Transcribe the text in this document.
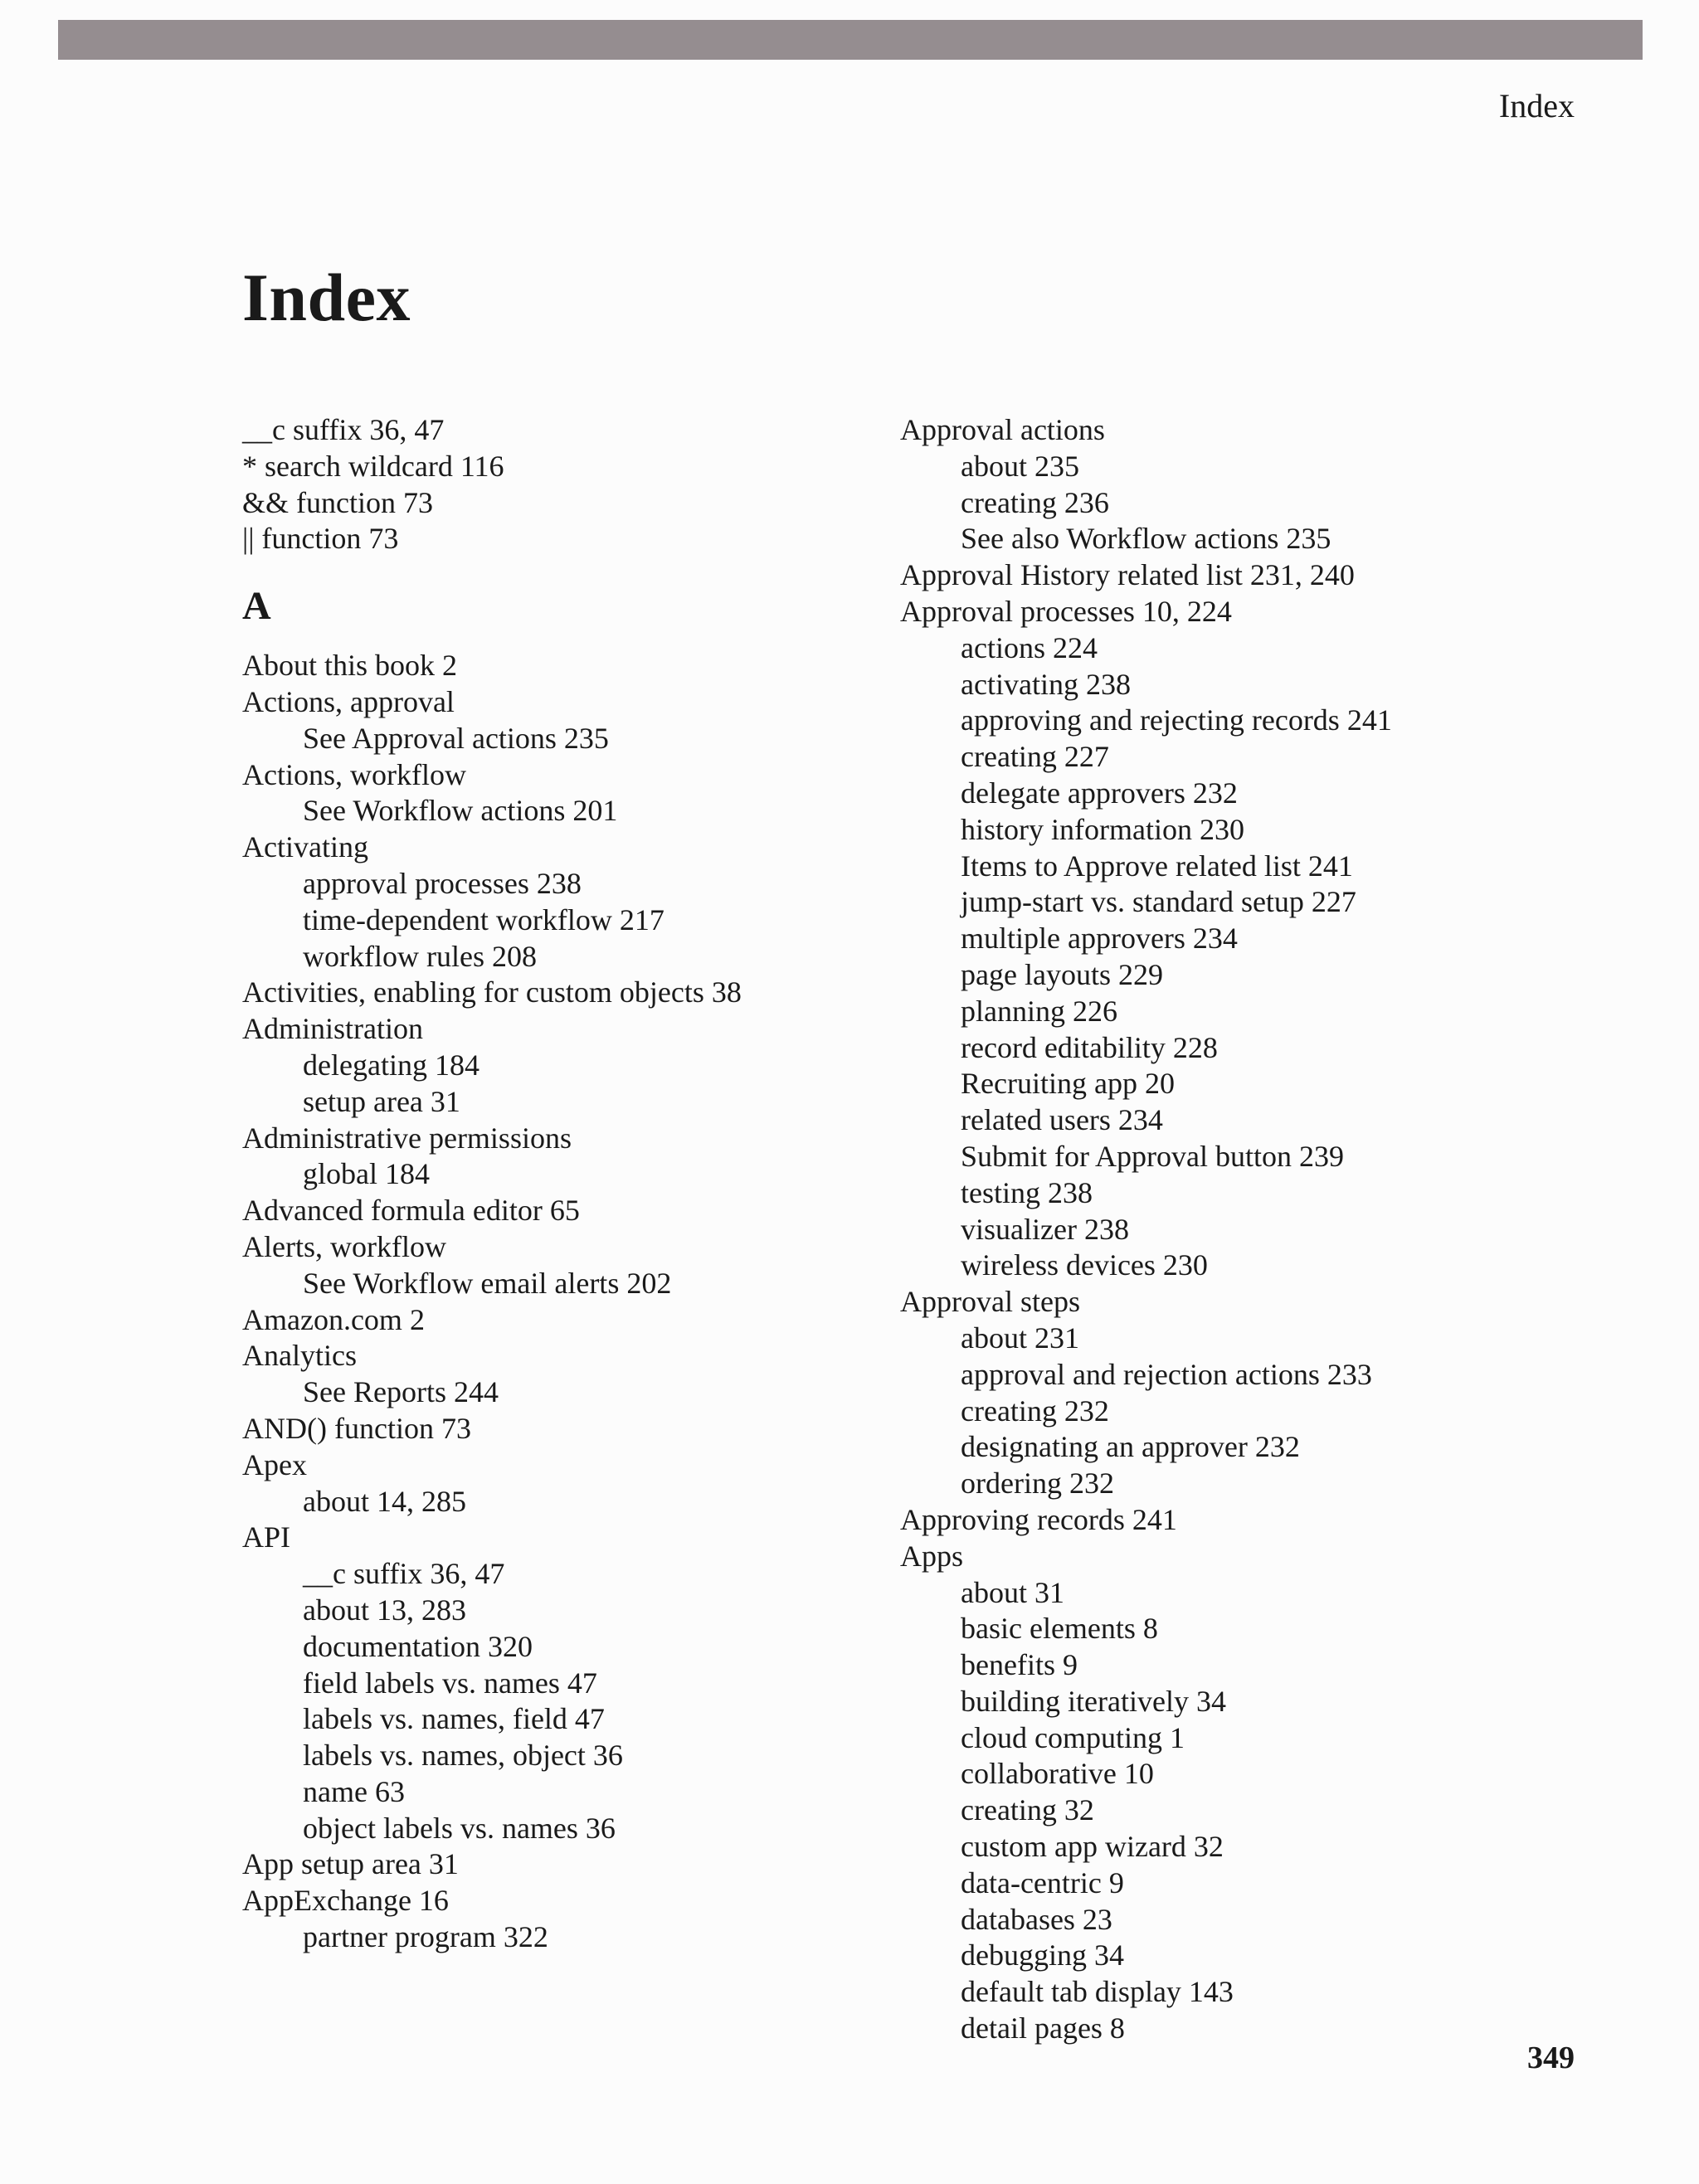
Index
Index
__c suffix 36, 47
* search wildcard 116
&& function 73
|| function 73
A
About this book 2
Actions, approval
See Approval actions 235
Actions, workflow
See Workflow actions 201
Activating
approval processes 238
time-dependent workflow 217
workflow rules 208
Activities, enabling for custom objects 38
Administration
delegating 184
setup area 31
Administrative permissions
global 184
Advanced formula editor 65
Alerts, workflow
See Workflow email alerts 202
Amazon.com 2
Analytics
See Reports 244
AND() function 73
Apex
about 14, 285
API
__c suffix 36, 47
about 13, 283
documentation 320
field labels vs. names 47
labels vs. names, field 47
labels vs. names, object 36
name 63
object labels vs. names 36
App setup area 31
AppExchange 16
partner program 322
Approval actions
about 235
creating 236
See also Workflow actions 235
Approval History related list 231, 240
Approval processes 10, 224
actions 224
activating 238
approving and rejecting records 241
creating 227
delegate approvers 232
history information 230
Items to Approve related list 241
jump-start vs. standard setup 227
multiple approvers 234
page layouts 229
planning 226
record editability 228
Recruiting app 20
related users 234
Submit for Approval button 239
testing 238
visualizer 238
wireless devices 230
Approval steps
about 231
approval and rejection actions 233
creating 232
designating an approver 232
ordering 232
Approving records 241
Apps
about 31
basic elements 8
benefits 9
building iteratively 34
cloud computing 1
collaborative 10
creating 32
custom app wizard 32
data-centric 9
databases 23
debugging 34
default tab display 143
detail pages 8
349
